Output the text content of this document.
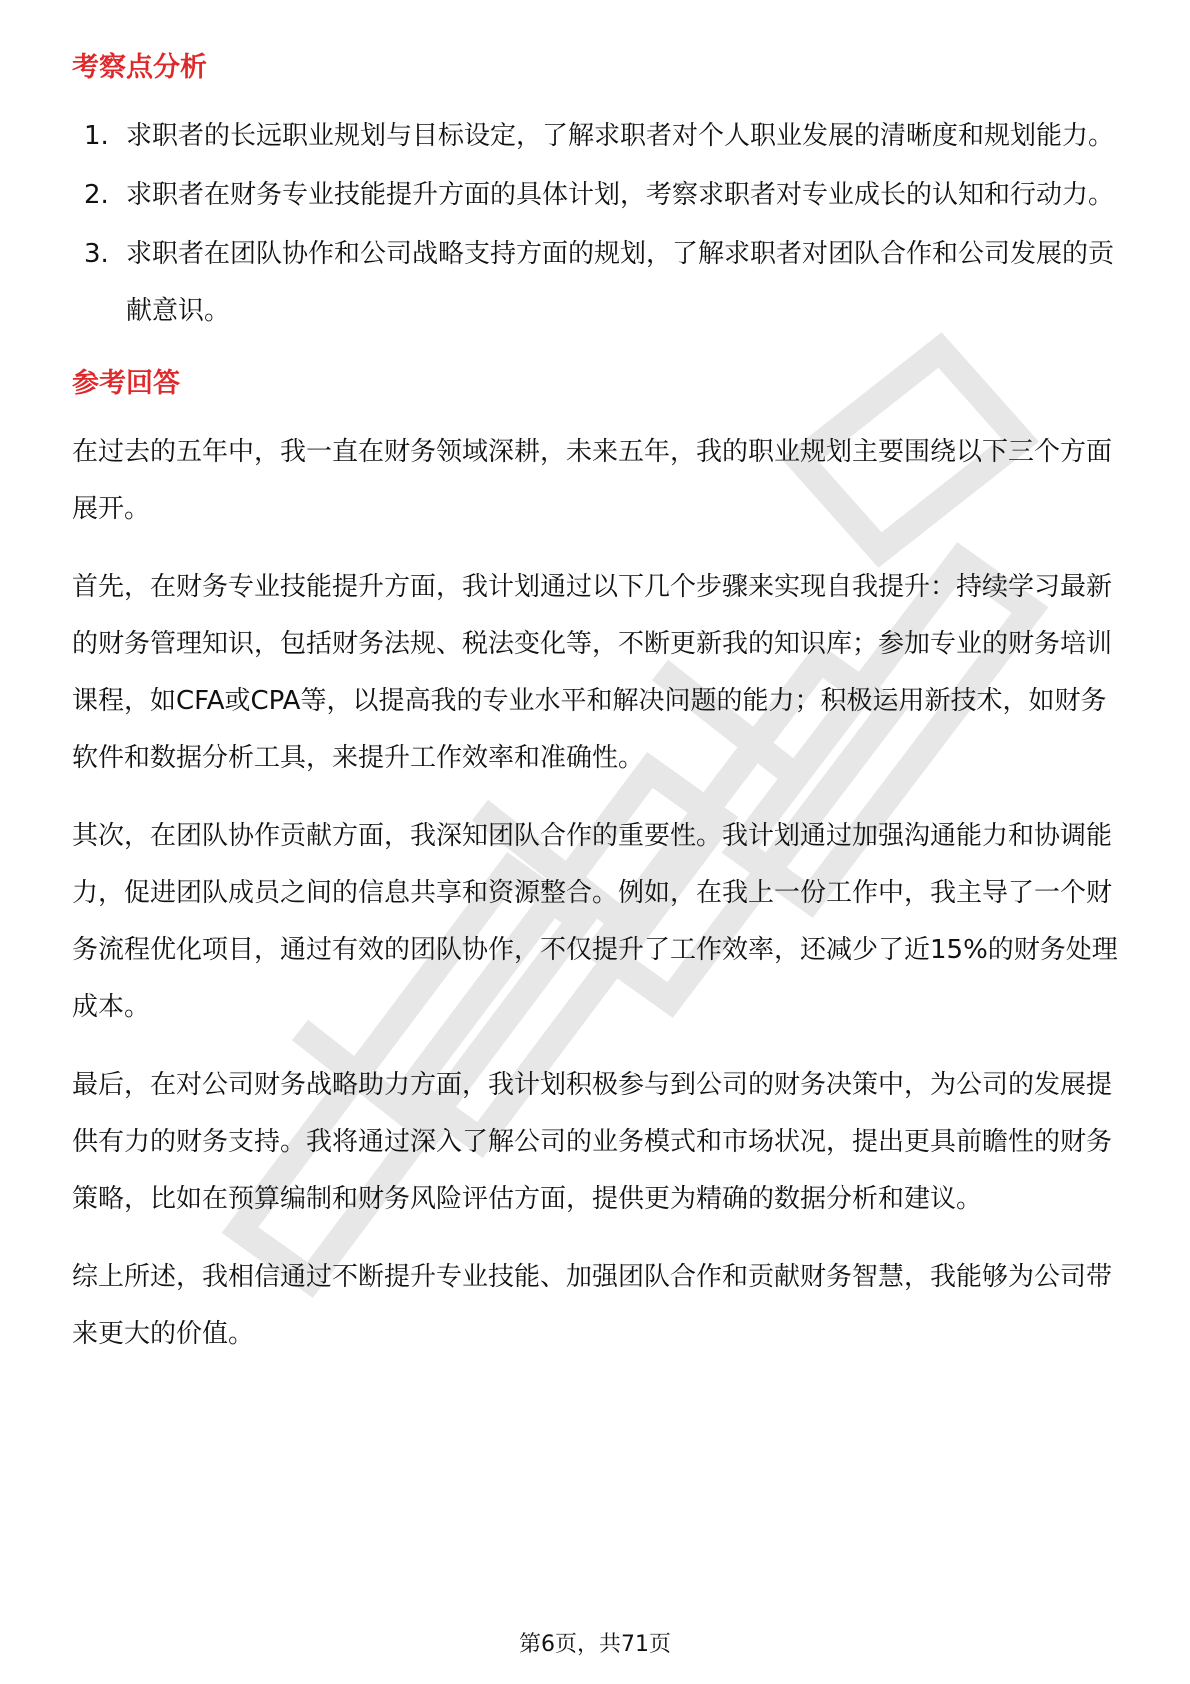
考察点分析
1. 求职者的长远职业规划与目标设定，了解求职者对个人职业发展的清晰度和规划能力。
2. 求职者在财务专业技能提升方面的具体计划，考察求职者对专业成长的认知和行动力。
3. 求职者在团队协作和公司战略支持方面的规划，了解求职者对团队合作和公司发展的贡献意识。
参考回答

在过去的五年中，我一直在财务领域深耕，未来五年，我的职业规划主要围绕以下三个方面展开。

首先，在财务专业技能提升方面，我计划通过以下几个步骤来实现自我提升：持续学习最新的财务管理知识，包括财务法规、税法变化等，不断更新我的知识库；参加专业的财务培训课程，如CFA或CPA等，以提高我的专业水平和解决问题的能力；积极运用新技术，如财务软件和数据分析工具，来提升工作效率和准确性。

其次，在团队协作贡献方面，我深知团队合作的重要性。我计划通过加强沟通能力和协调能力，促进团队成员之间的信息共享和资源整合。例如，在我上一份工作中，我主导了一个财务流程优化项目，通过有效的团队协作，不仅提升了工作效率，还减少了近15%的财务处理成本。

最后，在对公司财务战略助力方面，我计划积极参与到公司的财务决策中，为公司的发展提供有力的财务支持。我将通过深入了解公司的业务模式和市场状况，提出更具前瞻性的财务策略，比如在预算编制和财务风险评估方面，提供更为精确的数据分析和建议。

综上所述，我相信通过不断提升专业技能、加强团队合作和贡献财务智慧，我能够为公司带来更大的价值。

第6页，共71页
